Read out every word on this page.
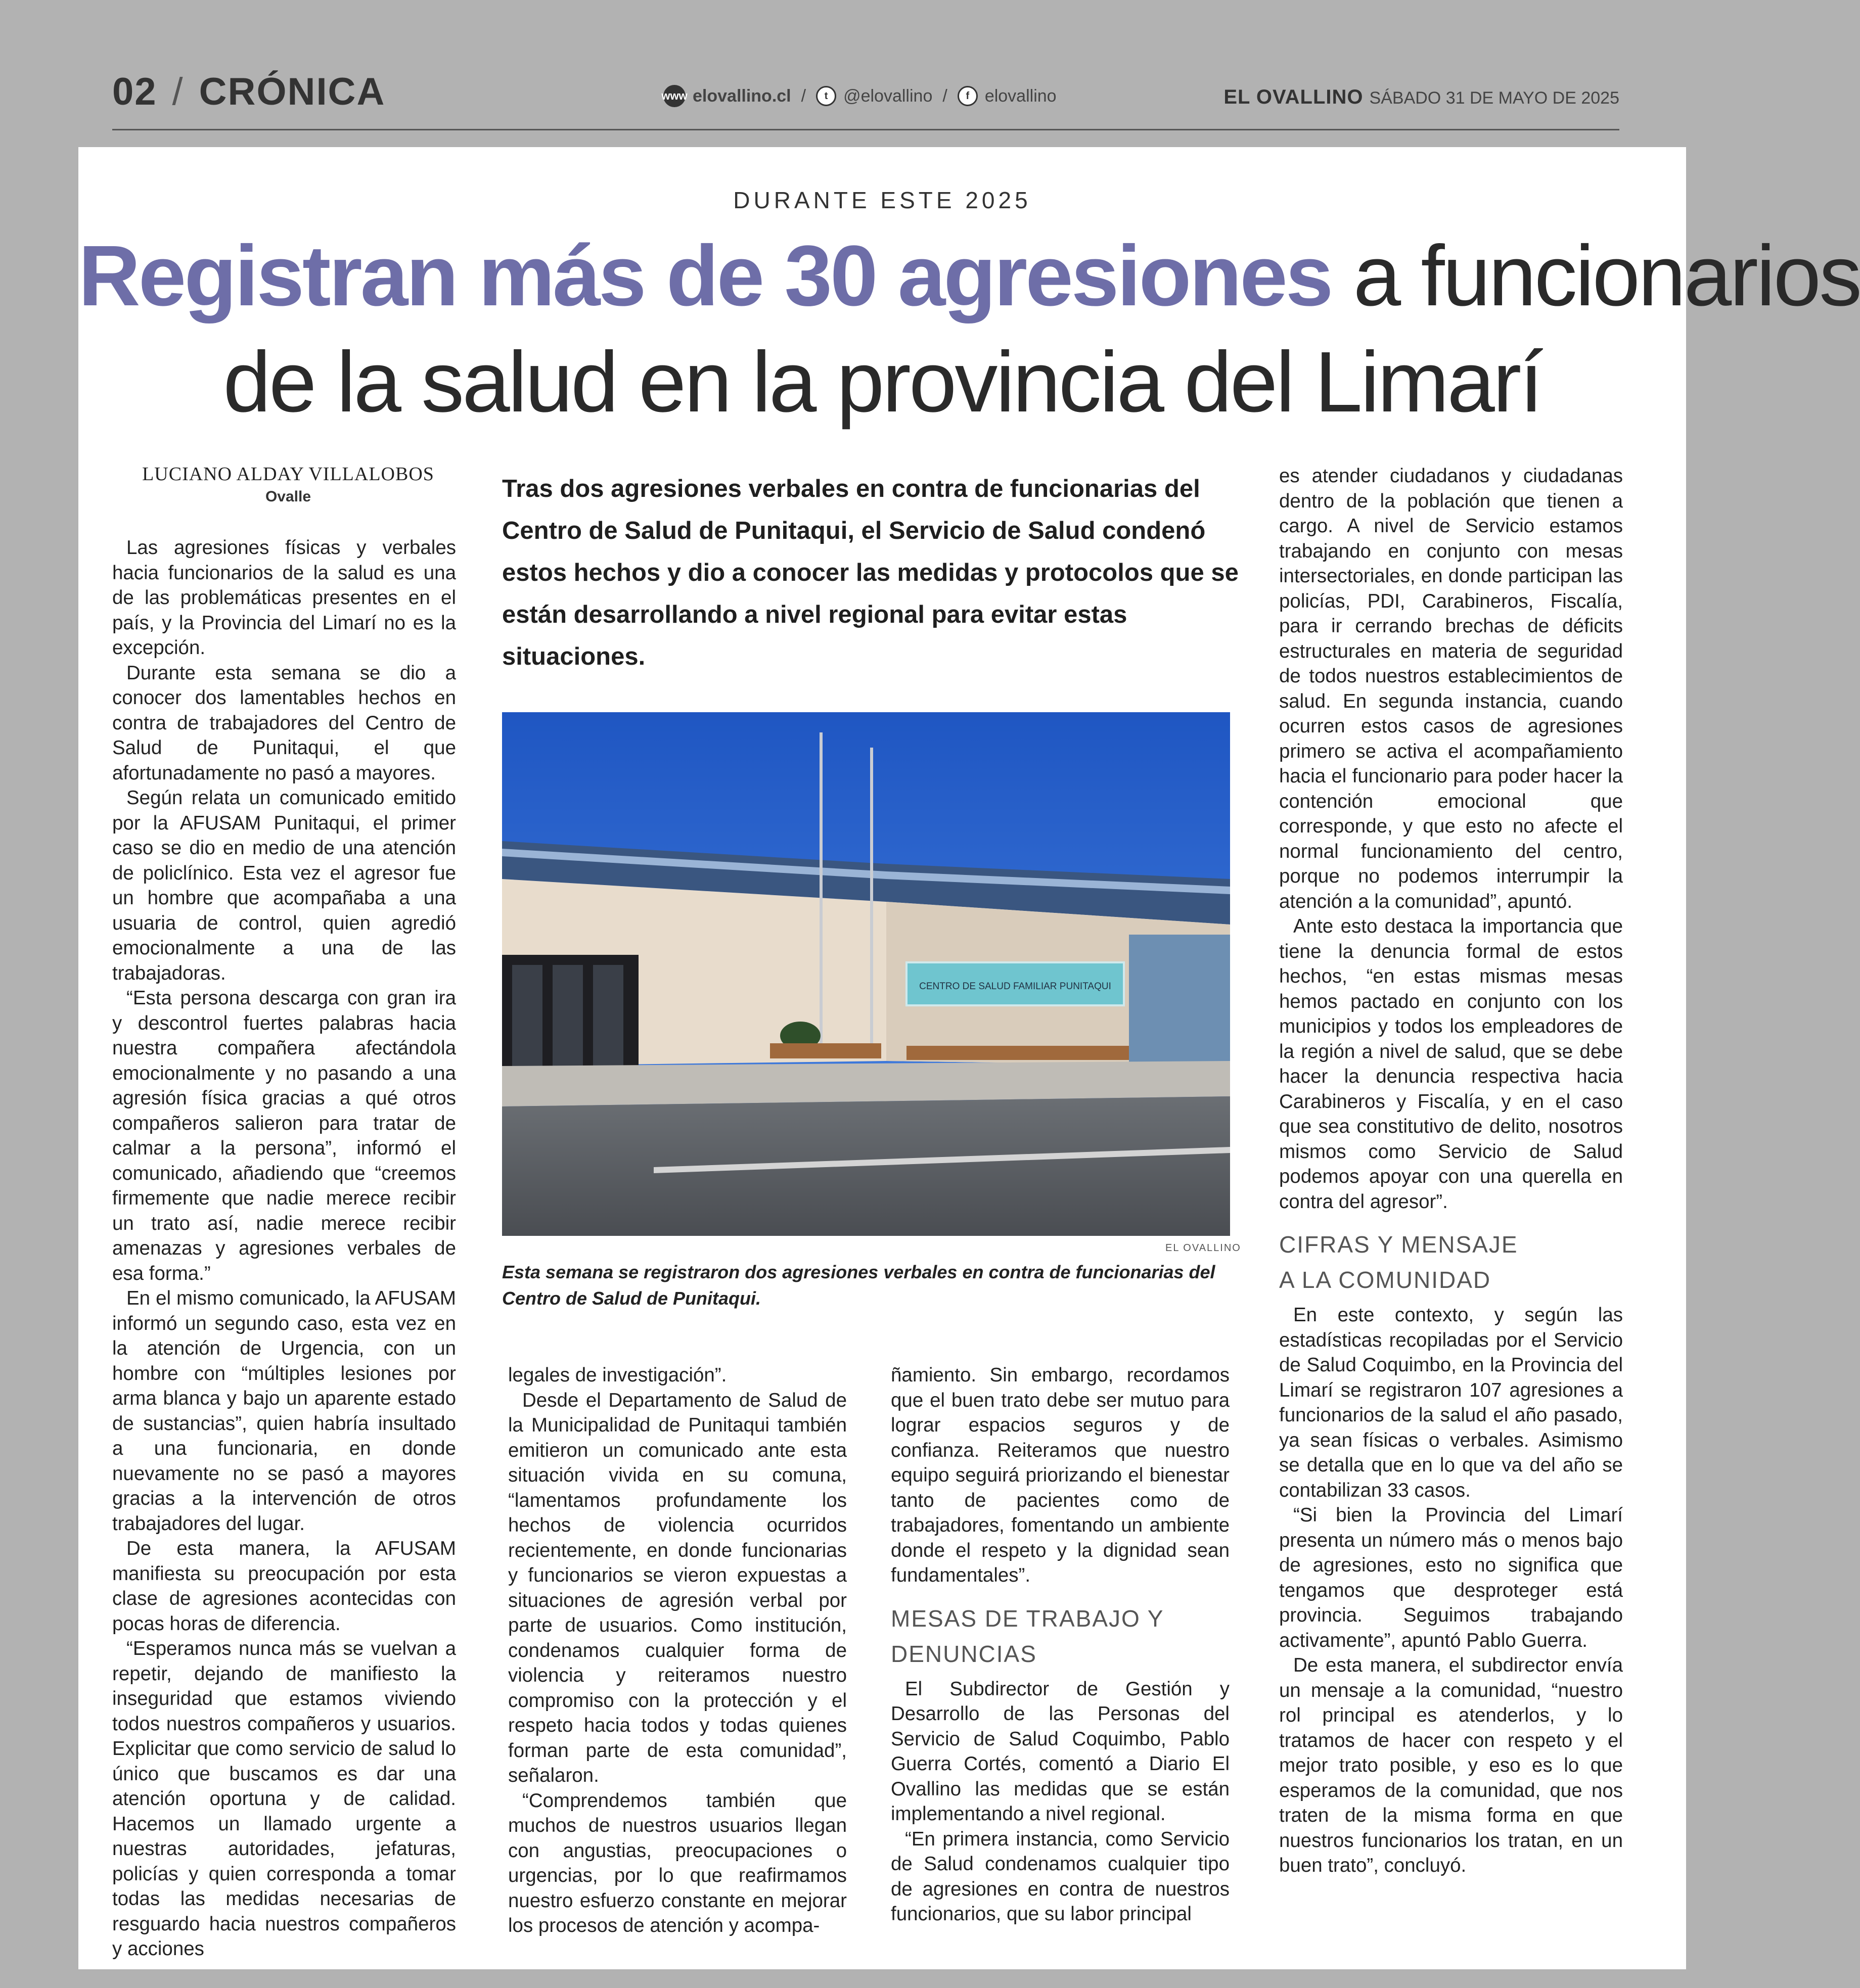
02 / CRÓNICA	www elovallino.cl /	t @elovallino /	f elovallino	EL OVALLINO SÁBADO 31 DE MAYO DE 2025
DURANTE ESTE 2025
Registran más de 30 agresiones a funcionarios
de la salud en la provincia del Limarí
LUCIANO ALDAY VILLALOBOS
Ovalle

Las agresiones físicas y verbales hacia funcionarios de la salud es una de las problemáticas presentes en el país, y la Provincia del Limarí no es la excepción.

Durante esta semana se dio a conocer dos lamentables hechos en contra de trabajadores del Centro de Salud de Punitaqui, el que afortunadamente no pasó a mayores.

Según relata un comunicado emitido por la AFUSAM Punitaqui, el primer caso se dio en medio de una atención de policlínico. Esta vez el agresor fue un hombre que acompañaba a una usuaria de control, quien agredió emocionalmente a una de las trabajadoras.

“Esta persona descarga con gran ira y descontrol fuertes palabras hacia nuestra compañera afectándola emocionalmente y no pasando a una agresión física gracias a qué otros compañeros salieron para tratar de calmar a la persona”, informó el comunicado, añadiendo que “creemos firmemente que nadie merece recibir un trato así, nadie merece recibir amenazas y agresiones verbales de esa forma.”

En el mismo comunicado, la AFUSAM informó un segundo caso, esta vez en la atención de Urgencia, con un hombre con “múltiples lesiones por arma blanca y bajo un aparente estado de sustancias”, quien habría insultado a una funcionaria, en donde nuevamente no se pasó a mayores gracias a la intervención de otros trabajadores del lugar.

De esta manera, la AFUSAM manifiesta su preocupación por esta clase de agresiones acontecidas con pocas horas de diferencia.

“Esperamos nunca más se vuelvan a repetir, dejando de manifiesto la inseguridad que estamos viviendo todos nuestros compañeros y usuarios. Explicitar que como servicio de salud lo único que buscamos es dar una atención oportuna y de calidad. Hacemos un llamado urgente a nuestras autoridades, jefaturas, policías y quien corresponda a tomar todas las medidas necesarias de resguardo hacia nuestros compañeros y acciones

Tras dos agresiones verbales en contra de funcionarias del Centro de Salud de Punitaqui, el Servicio de Salud condenó estos hechos y dio a conocer las medidas y protocolos que se están desarrollando a nivel regional para evitar estas situaciones.
CENTRO DE SALUD FAMILIAR PUNITAQUI
EL OVALLINO
Esta semana se registraron dos agresiones verbales en contra de funcionarias del Centro de Salud de Punitaqui.

legales de investigación”.

Desde el Departamento de Salud de la Municipalidad de Punitaqui también emitieron un comunicado ante esta situación vivida en su comuna, “lamentamos profundamente los hechos de violencia ocurridos recientemente, en donde funcionarias y funcionarios se vieron expuestas a situaciones de agresión verbal por parte de usuarios. Como institución, condenamos cualquier forma de violencia y reiteramos nuestro compromiso con la protección y el respeto hacia todos y todas quienes forman parte de esta comunidad”, señalaron.

“Comprendemos también que muchos de nuestros usuarios llegan con angustias, preocupaciones o urgencias, por lo que reafirmamos nuestro esfuerzo constante en mejorar los procesos de atención y acompa-

ñamiento. Sin embargo, recordamos que el buen trato debe ser mutuo para lograr espacios seguros y de confianza. Reiteramos que nuestro equipo seguirá priorizando el bienestar tanto de pacientes como de trabajadores, fomentando un ambiente donde el respeto y la dignidad sean fundamentales”.

MESAS DE TRABAJO Y DENUNCIAS

El Subdirector de Gestión y Desarrollo de las Personas del Servicio de Salud Coquimbo, Pablo Guerra Cortés, comentó a Diario El Ovallino las medidas que se están implementando a nivel regional.

“En primera instancia, como Servicio de Salud condenamos cualquier tipo de agresiones en contra de nuestros funcionarios, que su labor principal

es atender ciudadanos y ciudadanas dentro de la población que tienen a cargo. A nivel de Servicio estamos trabajando en conjunto con mesas intersectoriales, en donde participan las policías, PDI, Carabineros, Fiscalía, para ir cerrando brechas de déficits estructurales en materia de seguridad de todos nuestros establecimientos de salud. En segunda instancia, cuando ocurren estos casos de agresiones primero se activa el acompañamiento hacia el funcionario para poder hacer la contención emocional que corresponde, y que esto no afecte el normal funcionamiento del centro, porque no podemos interrumpir la atención a la comunidad”, apuntó.

Ante esto destaca la importancia que tiene la denuncia formal de estos hechos, “en estas mismas mesas hemos pactado en conjunto con los municipios y todos los empleadores de la región a nivel de salud, que se debe hacer la denuncia respectiva hacia Carabineros y Fiscalía, y en el caso que sea constitutivo de delito, nosotros mismos como Servicio de Salud podemos apoyar con una querella en contra del agresor”.

CIFRAS Y MENSAJE
A LA COMUNIDAD

En este contexto, y según las estadísticas recopiladas por el Servicio de Salud Coquimbo, en la Provincia del Limarí se registraron 107 agresiones a funcionarios de la salud el año pasado, ya sean físicas o verbales. Asimismo se detalla que en lo que va del año se contabilizan 33 casos.

“Si bien la Provincia del Limarí presenta un número más o menos bajo de agresiones, esto no significa que tengamos que desproteger está provincia. Seguimos trabajando activamente”, apuntó Pablo Guerra.

De esta manera, el subdirector envía un mensaje a la comunidad, “nuestro rol principal es atenderlos, y lo tratamos de hacer con respeto y el mejor trato posible, y eso es lo que esperamos de la comunidad, que nos traten de la misma forma en que nuestros funcionarios los tratan, en un buen trato”, concluyó.
